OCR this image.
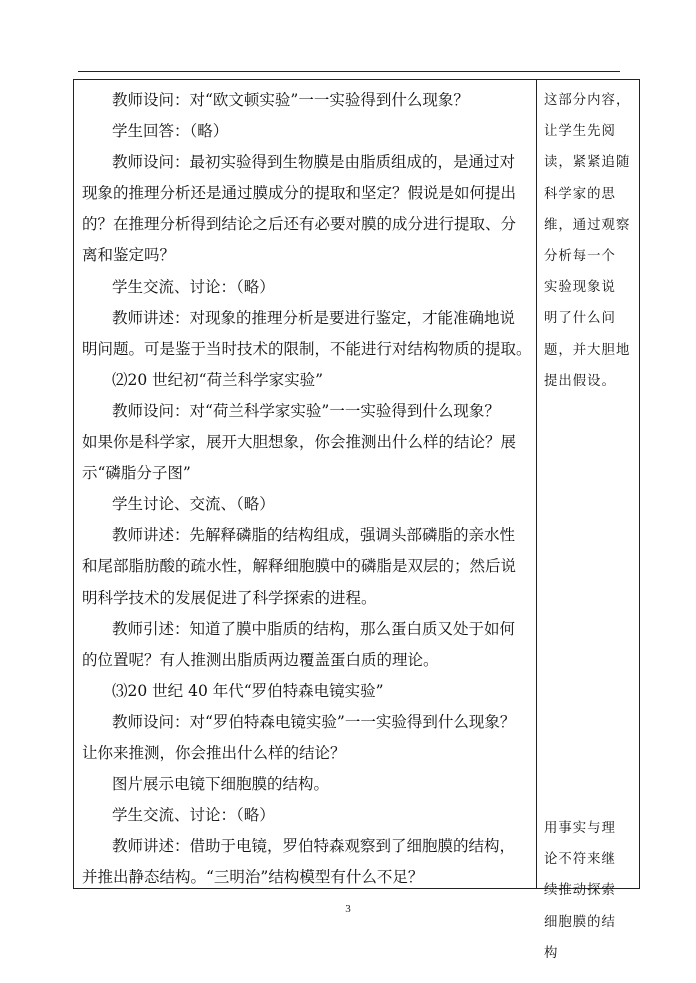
教师设问：对“欧文顿实验”一一实验得到什么现象？
学生回答：（略）
教师设问：最初实验得到生物膜是由脂质组成的，是通过对
现象的推理分析还是通过膜成分的提取和坚定？假说是如何提出
的？在推理分析得到结论之后还有必要对膜的成分进行提取、分
离和鉴定吗？
学生交流、讨论：（略）
教师讲述：对现象的推理分析是要进行鉴定，才能准确地说
明问题。可是鉴于当时技术的限制，不能进行对结构物质的提取。
⑵20 世纪初“荷兰科学家实验”
教师设问：对“荷兰科学家实验”一一实验得到什么现象？
如果你是科学家，展开大胆想象，你会推测出什么样的结论？展
示“磷脂分子图”
学生讨论、交流、（略）
教师讲述：先解释磷脂的结构组成，强调头部磷脂的亲水性
和尾部脂肪酸的疏水性，解释细胞膜中的磷脂是双层的；然后说
明科学技术的发展促进了科学探索的进程。
教师引述：知道了膜中脂质的结构，那么蛋白质又处于如何
的位置呢？有人推测出脂质两边覆盖蛋白质的理论。
⑶20 世纪 40 年代“罗伯特森电镜实验”
教师设问：对“罗伯特森电镜实验”一一实验得到什么现象？
让你来推测，你会推出什么样的结论？
图片展示电镜下细胞膜的结构。
学生交流、讨论：（略）
教师讲述：借助于电镜，罗伯特森观察到了细胞膜的结构，
并推出静态结构。“三明治”结构模型有什么不足？
这部分内容，
让学生先阅
读，紧紧追随
科学家的思
维，通过观察
分析每一个
实验现象说
明了什么问
题，并大胆地
提出假设。
用事实与理
论不符来继
续推动探索
细胞膜的结
构
3
